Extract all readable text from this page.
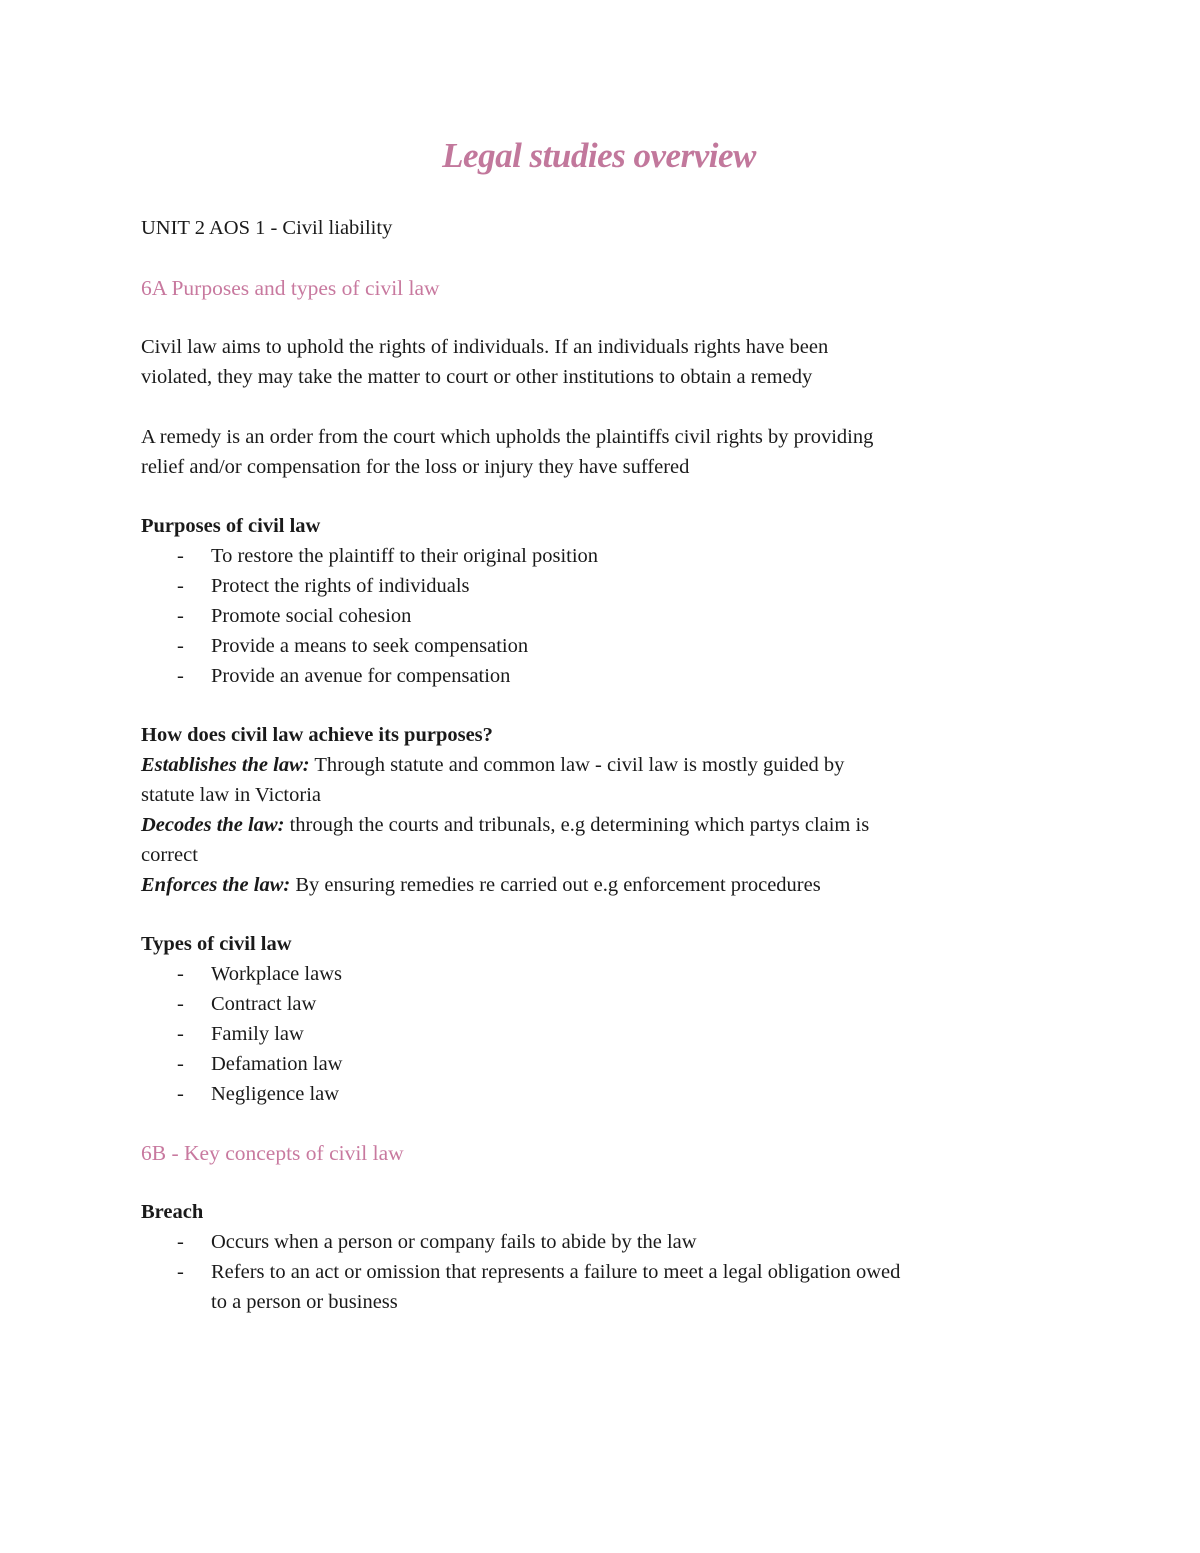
Legal studies overview
UNIT 2 AOS 1 - Civil liability
6A Purposes and types of civil law
Civil law aims to uphold the rights of individuals. If an individuals rights have been
violated, they may take the matter to court or other institutions to obtain a remedy
A remedy is an order from the court which upholds the plaintiffs civil rights by providing
relief and/or compensation for the loss or injury they have suffered
Purposes of civil law
- To restore the plaintiff to their original position
- Protect the rights of individuals
- Promote social cohesion
- Provide a means to seek compensation
- Provide an avenue for compensation
How does civil law achieve its purposes?
Establishes the law: Through statute and common law - civil law is mostly guided by
statute law in Victoria
Decodes the law: through the courts and tribunals, e.g determining which partys claim is
correct
Enforces the law: By ensuring remedies re carried out e.g enforcement procedures
Types of civil law
- Workplace laws
- Contract law
- Family law
- Defamation law
- Negligence law
6B - Key concepts of civil law
Breach
- Occurs when a person or company fails to abide by the law
- Refers to an act or omission that represents a failure to meet a legal obligation owed
to a person or business
